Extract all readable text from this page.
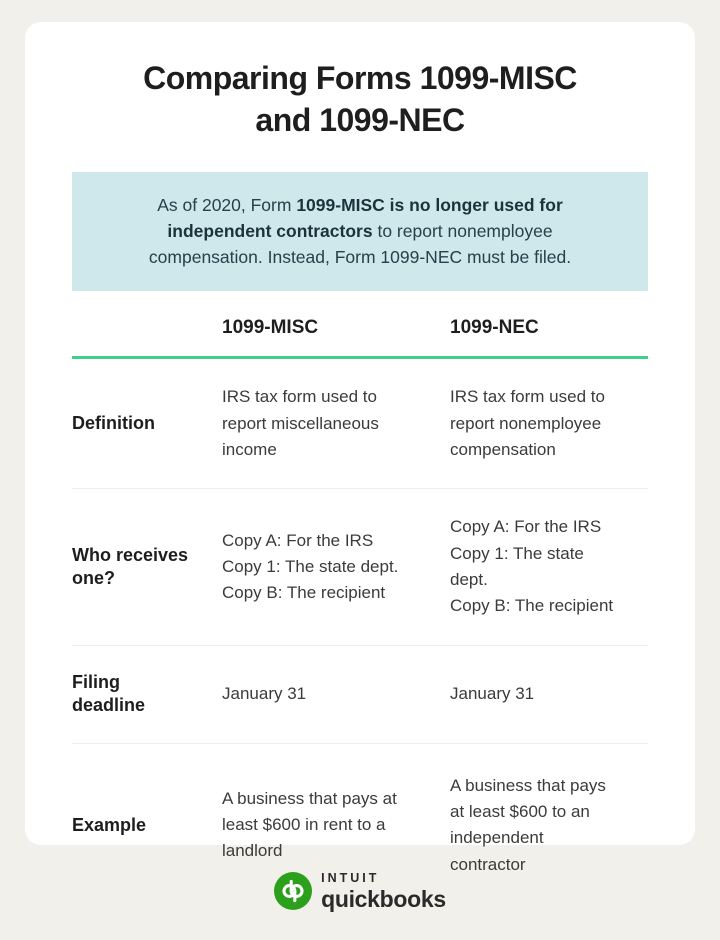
Comparing Forms 1099-MISC
and 1099-NEC

As of 2020, Form 1099-MISC is no longer used for independent contractors to report nonemployee compensation. Instead, Form 1099-NEC must be filed.

1099-MISC	1099-NEC
Definition
IRS tax form used to report miscellaneous income
IRS tax form used to report nonemployee compensation
Who receives one?
Copy A: For the IRS
Copy 1: The state dept.
Copy B: The recipient
Copy A: For the IRS
Copy 1: The state dept.
Copy B: The recipient
Filing deadline
January 31	January 31
Example
A business that pays at least $600 in rent to a landlord
A business that pays at least $600 to an independent contractor
INTUIT
quickbooks
